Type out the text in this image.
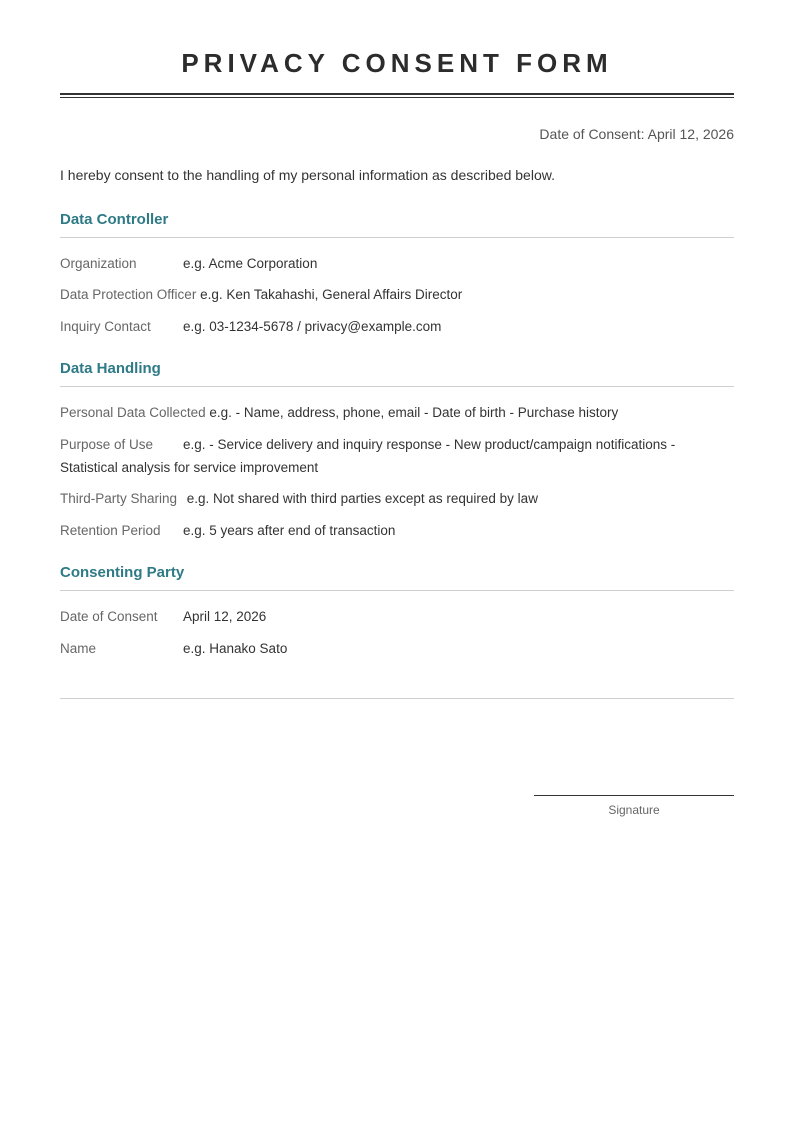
PRIVACY CONSENT FORM
Date of Consent: April 12, 2026
I hereby consent to the handling of my personal information as described below.
Data Controller
Organization	e.g. Acme Corporation
Data Protection Officer e.g. Ken Takahashi, General Affairs Director
Inquiry Contact e.g. 03-1234-5678 / privacy@example.com
Data Handling
Personal Data Collected e.g. - Name, address, phone, email - Date of birth - Purchase history
Purpose of Use e.g. - Service delivery and inquiry response - New product/campaign notifications - Statistical analysis for service improvement
Third-Party Sharing e.g. Not shared with third parties except as required by law
Retention Period e.g. 5 years after end of transaction
Consenting Party
Date of Consent April 12, 2026
Name	e.g. Hanako Sato
Signature
